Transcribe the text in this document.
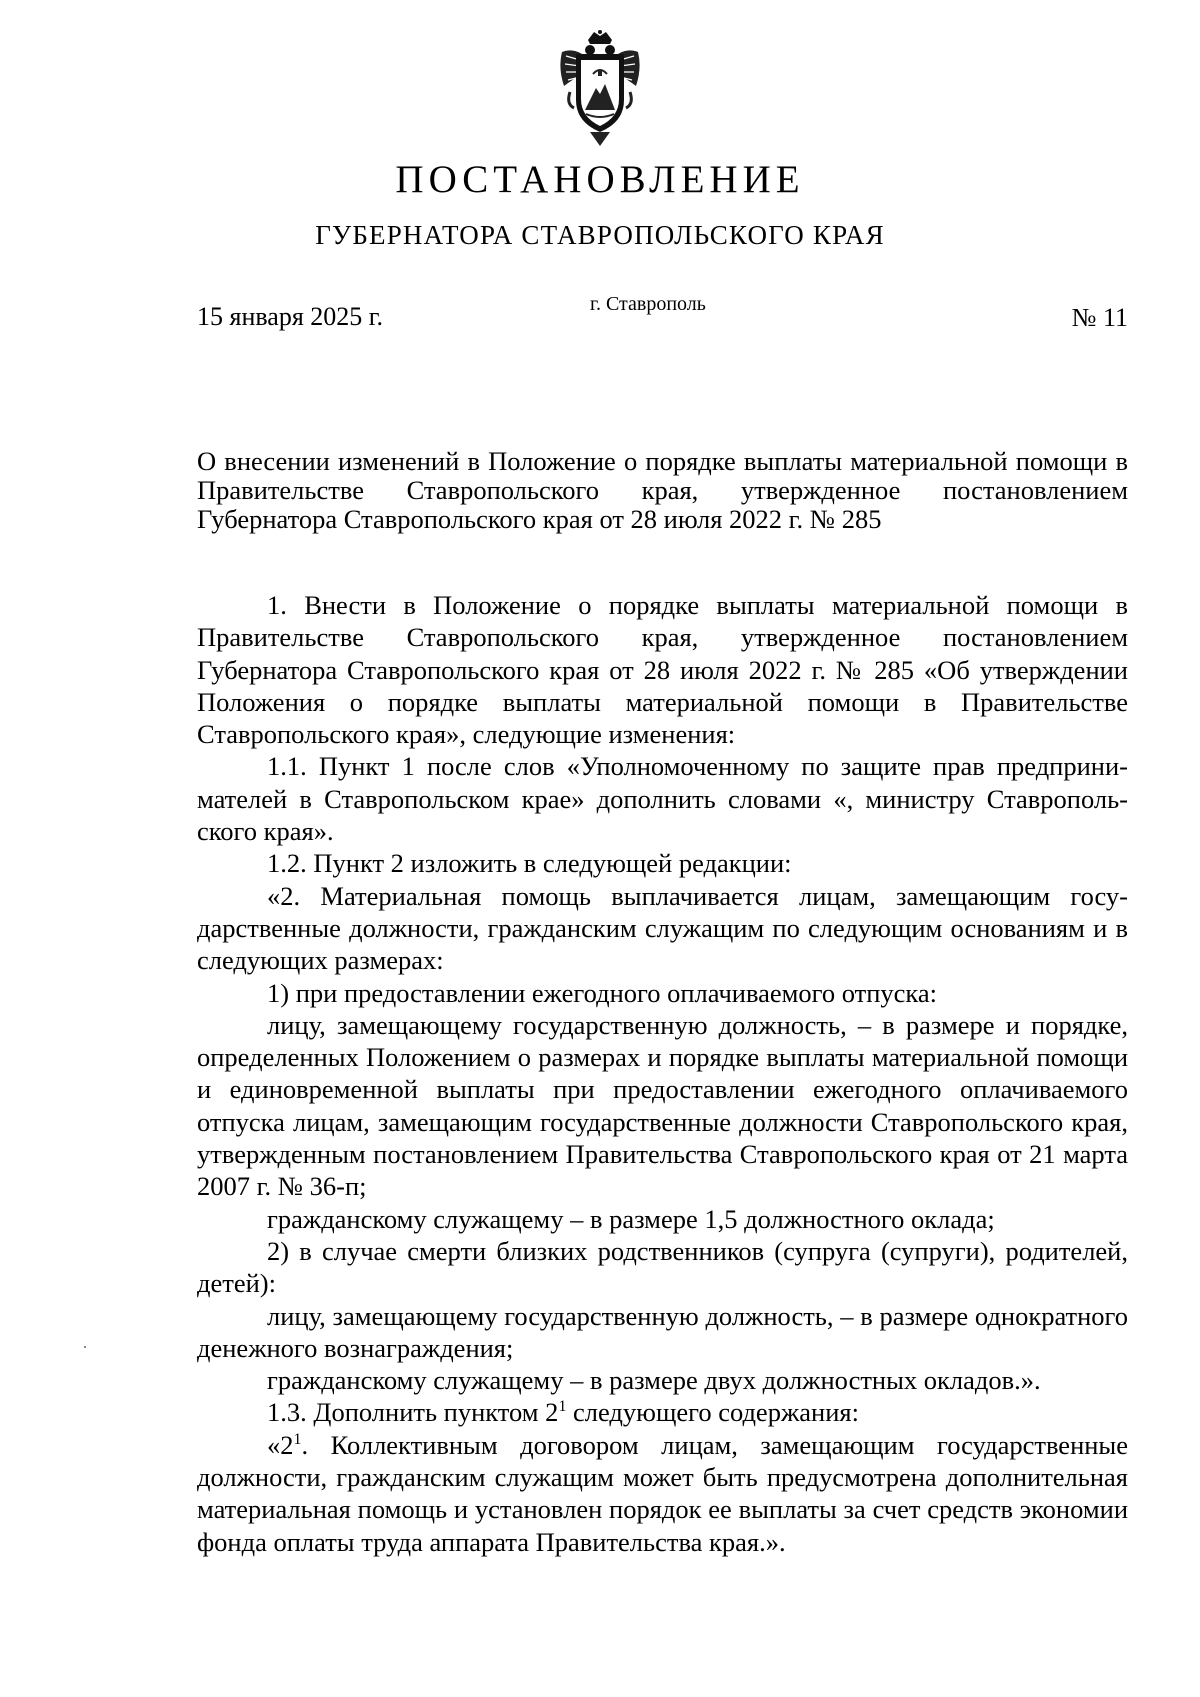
ПОСТАНОВЛЕНИЕ
ГУБЕРНАТОРА СТАВРОПОЛЬСКОГО КРАЯ
15 января 2025 г.	г. Ставрополь	№ 11
О внесении изменений в Положение о порядке выплаты материальной помощи в Правительстве Ставропольского края, утвержденное постановлением Губернатора Ставропольского края от 28 июля 2022 г. № 285

1. Внести в Положение о порядке выплаты материальной помощи в Правительстве Ставропольского края, утвержденное постановлением Губернатора Ставропольского края от 28 июля 2022 г. № 285 «Об утверждении Положения о порядке выплаты материальной помощи в Правительстве Ставропольского края», следующие изменения:

1.1. Пункт 1 после слов «Уполномоченному по защите прав предпринимателей в Ставропольском крае» дополнить словами «, министру Ставропольского края».

1.2. Пункт 2 изложить в следующей редакции:

«2. Материальная помощь выплачивается лицам, замещающим государственные должности, гражданским служащим по следующим основаниям и в следующих размерах:

1) при предоставлении ежегодного оплачиваемого отпуска:

лицу, замещающему государственную должность, – в размере и порядке, определенных Положением о размерах и порядке выплаты материальной помощи и единовременной выплаты при предоставлении ежегодного оплачиваемого отпуска лицам, замещающим государственные должности Ставропольского края, утвержденным постановлением Правительства Ставропольского края от 21 марта 2007 г. № 36-п;

гражданскому служащему – в размере 1,5 должностного оклада;

2) в случае смерти близких родственников (супруга (супруги), родителей, детей):

лицу, замещающему государственную должность, – в размере однократного денежного вознаграждения;

гражданскому служащему – в размере двух должностных окладов.».

1.3. Дополнить пунктом $2^1$ следующего содержания:

«$2^1$. Коллективным договором лицам, замещающим государственные должности, гражданским служащим может быть предусмотрена дополнительная материальная помощь и установлен порядок ее выплаты за счет средств экономии фонда оплаты труда аппарата Правительства края.».
